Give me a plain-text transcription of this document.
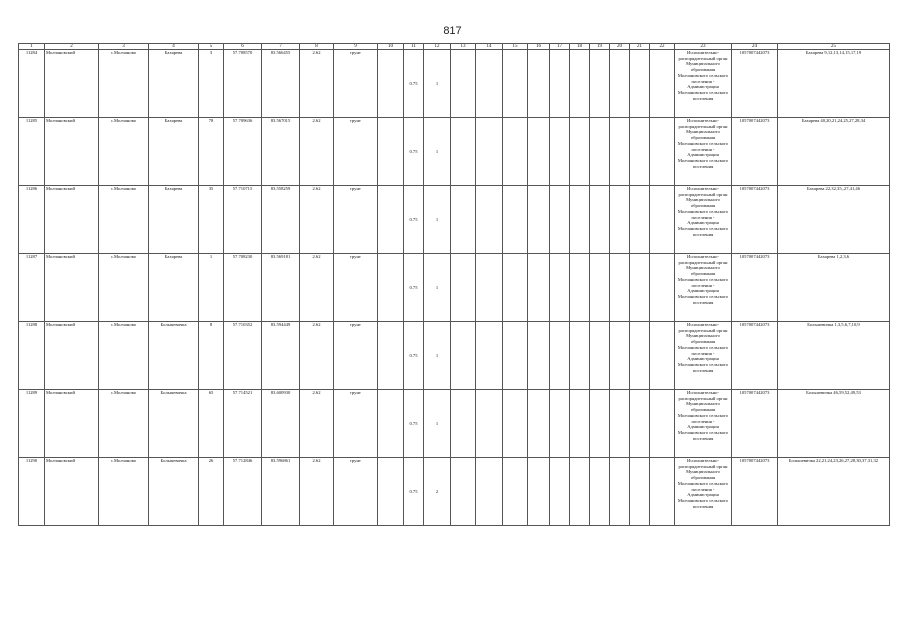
817
1	2	3	4	5	6	7	8	9	10	11	12	13	14	15	16	17	18	19	20	21	22	23	24	25
11284	Молчановский	с.Молчаново	Бахарева	3	57.708570	83.566455	2.62	грунт		0.75	1											Исполнительно-распорядительный орган Муниципального образования Молчановского сельского поселения - Администрация Молчановского сельского поселения	1057007442073	Бахарева 9,12,13,14,15,17,19
11285	Молчановский	с.Молчаново	Бахарева	78	57.709636	83.567015	2.62	грунт		0.75	1											Исполнительно-распорядительный орган Муниципального образования Молчановского сельского поселения - Администрация Молчановского сельского поселения	1057007442073	Бахарева 40,20,21,24,25,27,28,34
11286	Молчановский	с.Молчаново	Бахарева	35	57.710715	83.558259	2.62	грунт		0.75	1											Исполнительно-распорядительный орган Муниципального образования Молчановского сельского поселения - Администрация Молчановского сельского поселения	1057007442073	Бахарева 22,32,35,,27,41,46
11287	Молчановский	с.Молчаново	Бахарева	1	57.708230	83.569181	2.62	грунт		0.75	1											Исполнительно-распорядительный орган Муниципального образования Молчановского сельского поселения - Администрация Молчановского сельского поселения	1057007442073	Бахарева 1,2,3,6
11288	Молчановский	с.Молчаново	Большевичка	8	57.710352	83.594449	2.62	грунт		0.75	1											Исполнительно-распорядительный орган Муниципального образования Молчановского сельского поселения - Администрация Молчановского сельского поселения	1057007442073	Большевичка 1,3,5,6,7,10,9
11289	Молчановский	с.Молчаново	Большевичка	65	57.714521	83.600930	2.62	грунт		0.75	1											Исполнительно-распорядительный орган Муниципального образования Молчановского сельского поселения - Администрация Молчановского сельского поселения	1057007442073	Большевичка 46,59,52,49,53
11290	Молчановский	с.Молчаново	Большевичка	26	57.712846	83.596861	2.62	грунт		0.75	2											Исполнительно-распорядительный орган Муниципального образования Молчановского сельского поселения - Администрация Молчановского сельского поселения	1057007442073	Большевичка 22,21,24,23,26,27,28,30,37,31,32
